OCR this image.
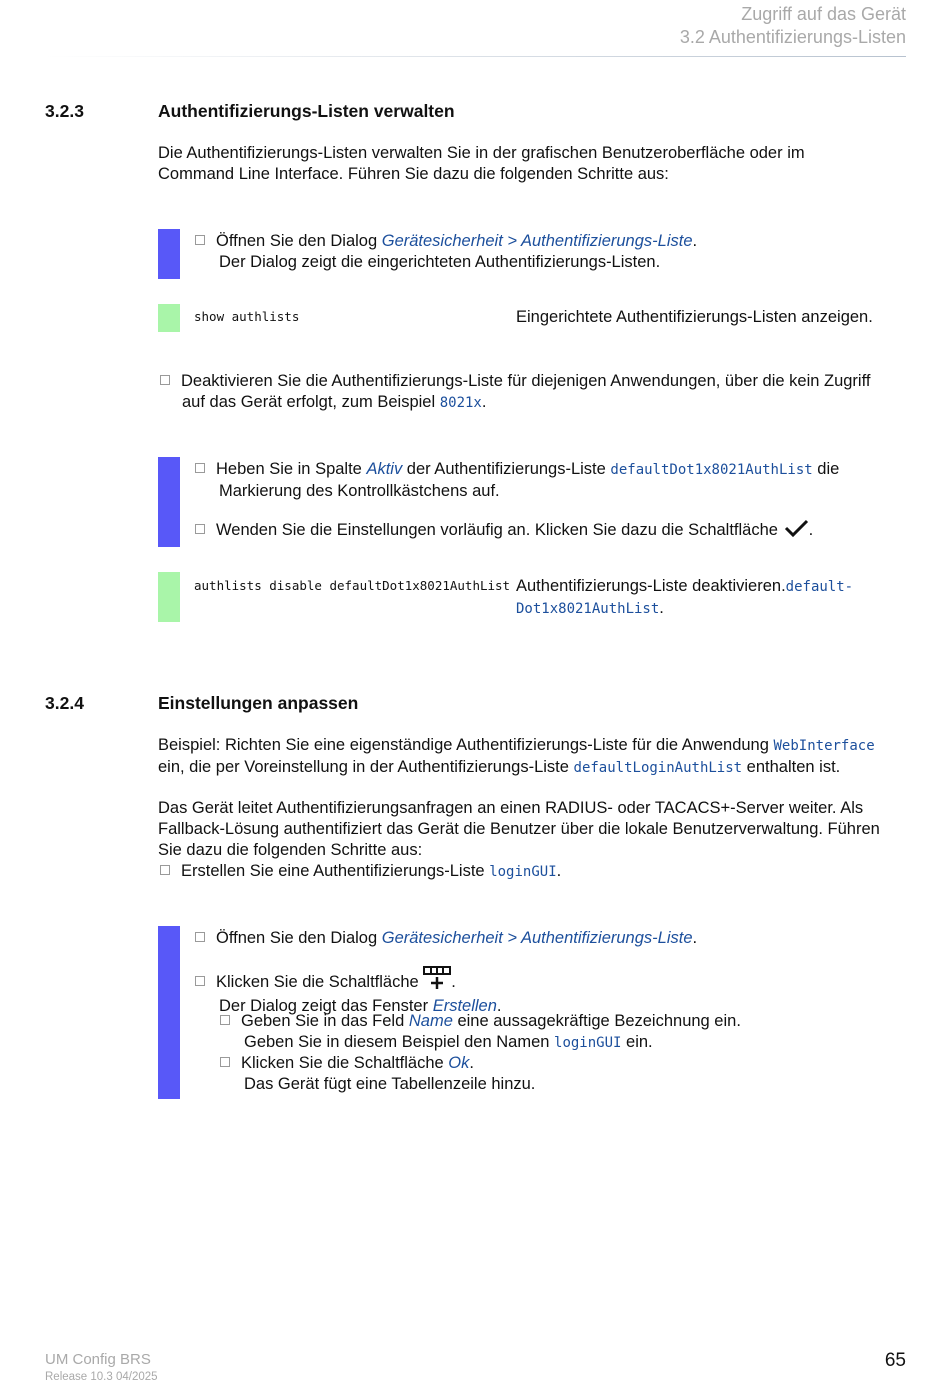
Zugriff auf das Gerät
3.2 Authentifizierungs-Listen
3.2.3	Authentifizierungs-Listen verwalten
Die Authentifizierungs-Listen verwalten Sie in der grafischen Benutzeroberfläche oder im
Command Line Interface. Führen Sie dazu die folgenden Schritte aus:
Öffnen Sie den Dialog Gerätesicherheit > Authentifizierungs-Liste.
Der Dialog zeigt die eingerichteten Authentifizierungs-Listen.
show authlists	Eingerichtete Authentifizierungs-Listen anzeigen.
Deaktivieren Sie die Authentifizierungs-Liste für diejenigen Anwendungen, über die kein Zugriff
auf das Gerät erfolgt, zum Beispiel 8021x.
Heben Sie in Spalte Aktiv der Authentifizierungs-Liste defaultDot1x8021AuthList die
Markierung des Kontrollkästchens auf.
Wenden Sie die Einstellungen vorläufig an. Klicken Sie dazu die Schaltfläche .
authlists disable defaultDot1x8021AuthList Authentifizierungs-Liste deaktivieren.default-
Dot1x8021AuthList.
3.2.4	Einstellungen anpassen
Beispiel: Richten Sie eine eigenständige Authentifizierungs-Liste für die Anwendung WebInterface
ein, die per Voreinstellung in der Authentifizierungs-Liste defaultLoginAuthList enthalten ist.
Das Gerät leitet Authentifizierungsanfragen an einen RADIUS- oder TACACS+-Server weiter. Als
Fallback-Lösung authentifiziert das Gerät die Benutzer über die lokale Benutzerverwaltung. Führen
Sie dazu die folgenden Schritte aus:
Erstellen Sie eine Authentifizierungs-Liste loginGUI.
Öffnen Sie den Dialog Gerätesicherheit > Authentifizierungs-Liste.
Klicken Sie die Schaltfläche .
Der Dialog zeigt das Fenster Erstellen.
Geben Sie in das Feld Name eine aussagekräftige Bezeichnung ein.
Geben Sie in diesem Beispiel den Namen loginGUI ein.
Klicken Sie die Schaltfläche Ok.
Das Gerät fügt eine Tabellenzeile hinzu.
UM Config BRS
Release 10.3 04/2025
65
